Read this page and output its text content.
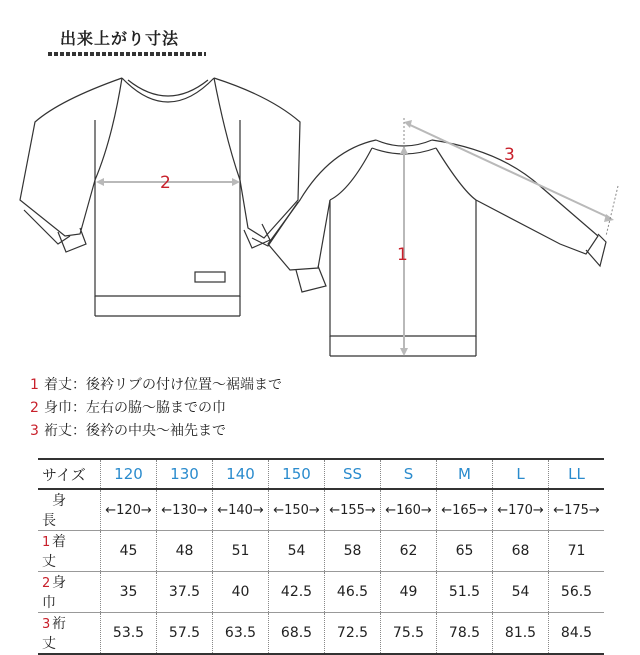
出来上がり寸法
2
1
3
1 着丈：後衿リブの付け位置～裾端まで
2 身巾：左右の脇～脇までの巾
3 裄丈：後衿の中央～袖先まで
サイズ	120	130	140	150	SS	S	M	L	LL
身　長	←120→	←130→	←140→	←150→	←155→	←160→	←165→	←170→	←175→
1 着　丈	45	48	51	54	58	62	65	68	71
2 身　巾	35	37.5	40	42.5	46.5	49	51.5	54	56.5
3 裄　丈	53.5	57.5	63.5	68.5	72.5	75.5	78.5	81.5	84.5
